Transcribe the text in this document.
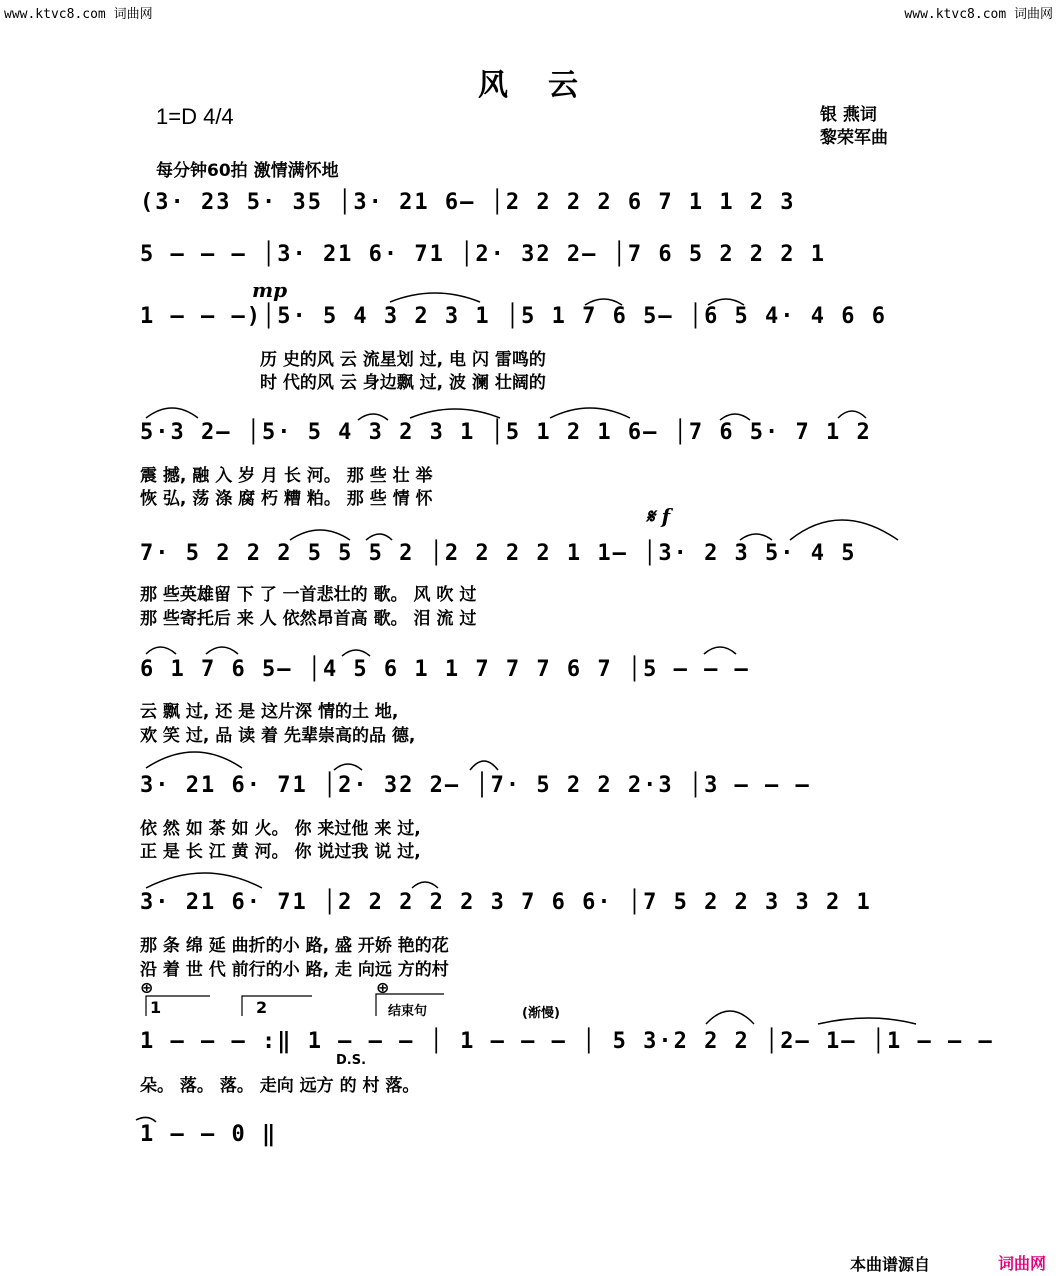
www.ktvc8.com 词曲网	www.ktvc8.com 词曲网
风云
1=D 4/4	银 燕词
黎荣军曲
每分钟60拍 激情满怀地
mp
𝄋 f
(3· 23 5· 35 │3· 21 6‒ │2 2 2 2 6 7 1 1 2 3
5 ‒ ‒ ‒ │3· 21 6· 71 │2· 32 2‒ │7 6 5 2 2 2 1
1 ‒ ‒ ‒)│5· 5 4 3 2 3 1 │5 1 7 6 5‒ │6 5 4· 4 6 6
历 史的风 云 流星划 过, 电 闪 雷鸣的
时 代的风 云 身边飘 过, 波 澜 壮阔的
5·3 2‒ │5· 5 4 3 2 3 1 │5 1 2 1 6‒ │7 6 5· 7 1 2
震 撼, 融 入 岁 月 长 河。 那 些 壮 举
恢 弘, 荡 涤 腐 朽 糟 粕。 那 些 情 怀
7· 5 2 2 2 5 5 5 2 │2 2 2 2 1 1‒ │3· 2 3 5· 4 5
那 些英雄留 下 了 一首悲壮的 歌。 风 吹 过
那 些寄托后 来 人 依然昂首高 歌。 泪 流 过
6 1 7 6 5‒ │4 5 6 1 1 7 7 7 6 7 │5 ‒ ‒ ‒
云 飘 过, 还 是 这片深 情的土 地,
欢 笑 过, 品 读 着 先辈崇高的品 德,
3· 21 6· 71 │2· 32 2‒ │7· 5 2 2 2·3 │3 ‒ ‒ ‒
依 然 如 茶 如 火。 你 来过他 来 过,
正 是 长 江 黄 河。 你 说过我 说 过,
3· 21 6· 71 │2 2 2 2 2 3 7 6 6· │7 5 2 2 3 3 2 1
那 条 绵 延 曲折的小 路, 盛 开娇 艳的花
沿 着 世 代 前行的小 路, 走 向远 方的村
⊕	⊕
1	2	结束句	(渐慢)
1 ‒ ‒ ‒ :‖ 1 ‒ ‒ ‒ │ 1 ‒ ‒ ‒ │ 5 3·2 2 2 │2‒ 1‒ │1 ‒ ‒ ‒
D.S.
朵。 落。 落。 走向 远方 的 村 落。
1 ‒ ‒ 0 ‖
本曲谱源自	词曲网
